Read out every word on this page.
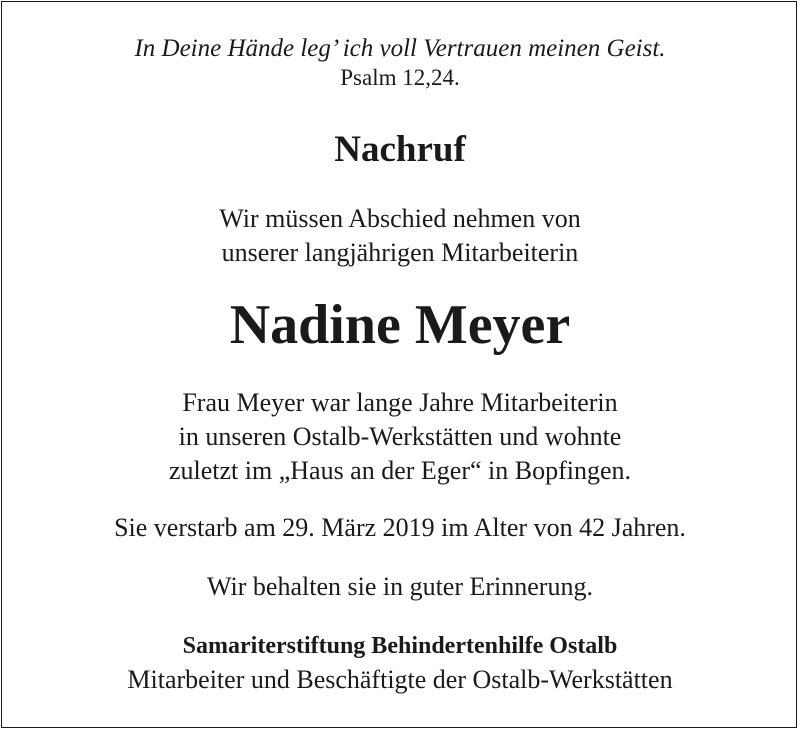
In Deine Hände leg’ ich voll Vertrauen meinen Geist.
Psalm 12,24.
Nachruf
Wir müssen Abschied nehmen von
unserer langjährigen Mitarbeiterin
Nadine Meyer
Frau Meyer war lange Jahre Mitarbeiterin
in unseren Ostalb-Werkstätten und wohnte
zuletzt im „Haus an der Eger“ in Bopfingen.
Sie verstarb am 29. März 2019 im Alter von 42 Jahren.
Wir behalten sie in guter Erinnerung.
Samariterstiftung Behindertenhilfe Ostalb
Mitarbeiter und Beschäftigte der Ostalb-Werkstätten
